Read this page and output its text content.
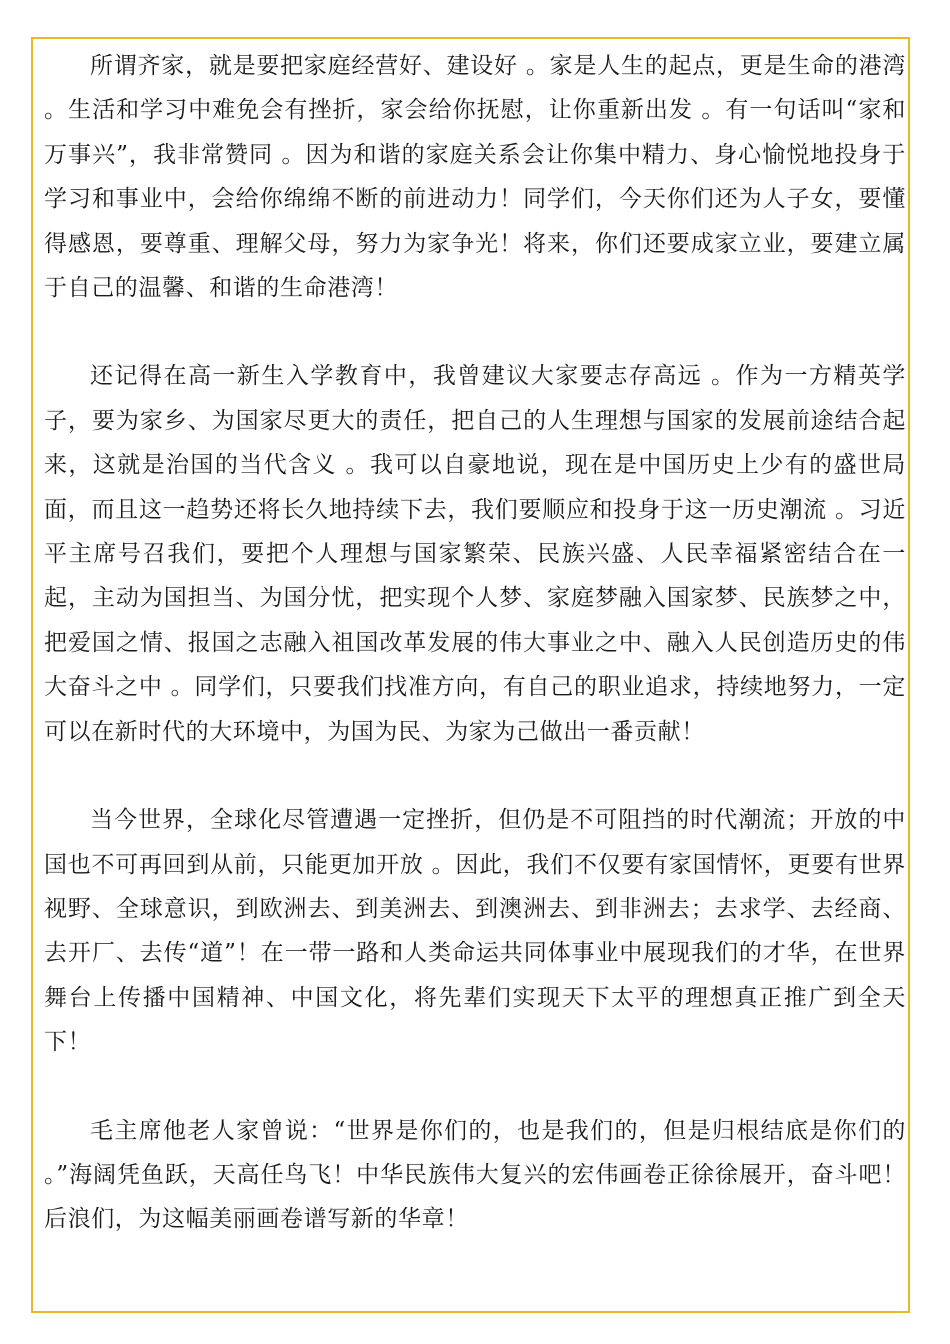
所谓齐家，就是要把家庭经营好、建设好 。家是人生的起点，更是生命的港湾 。生活和学习中难免会有挫折，家会给你抚慰，让你重新出发 。有一句话叫“家和万事兴”，我非常赞同 。因为和谐的家庭关系会让你集中精力、身心愉悦地投身于学习和事业中，会给你绵绵不断的前进动力！同学们，今天你们还为人子女，要懂得感恩，要尊重、理解父母，努力为家争光！将来，你们还要成家立业，要建立属于自己的温馨、和谐的生命港湾！

还记得在高一新生入学教育中，我曾建议大家要志存高远 。作为一方精英学子，要为家乡、为国家尽更大的责任，把自己的人生理想与国家的发展前途结合起来，这就是治国的当代含义 。我可以自豪地说，现在是中国历史上少有的盛世局面，而且这一趋势还将长久地持续下去，我们要顺应和投身于这一历史潮流 。习近平主席号召我们，要把个人理想与国家繁荣、民族兴盛、人民幸福紧密结合在一起，主动为国担当、为国分忧，把实现个人梦、家庭梦融入国家梦、民族梦之中，把爱国之情、报国之志融入祖国改革发展的伟大事业之中、融入人民创造历史的伟大奋斗之中 。同学们，只要我们找准方向，有自己的职业追求，持续地努力，一定可以在新时代的大环境中，为国为民、为家为己做出一番贡献！

当今世界，全球化尽管遭遇一定挫折，但仍是不可阻挡的时代潮流；开放的中国也不可再回到从前，只能更加开放 。因此，我们不仅要有家国情怀，更要有世界视野、全球意识，到欧洲去、到美洲去、到澳洲去、到非洲去；去求学、去经商、去开厂、去传“道”！在一带一路和人类命运共同体事业中展现我们的才华，在世界舞台上传播中国精神、中国文化，将先辈们实现天下太平的理想真正推广到全天下！

毛主席他老人家曾说：“世界是你们的，也是我们的，但是归根结底是你们的 。”海阔凭鱼跃，天高任鸟飞！中华民族伟大复兴的宏伟画卷正徐徐展开，奋斗吧！后浪们，为这幅美丽画卷谱写新的华章！
